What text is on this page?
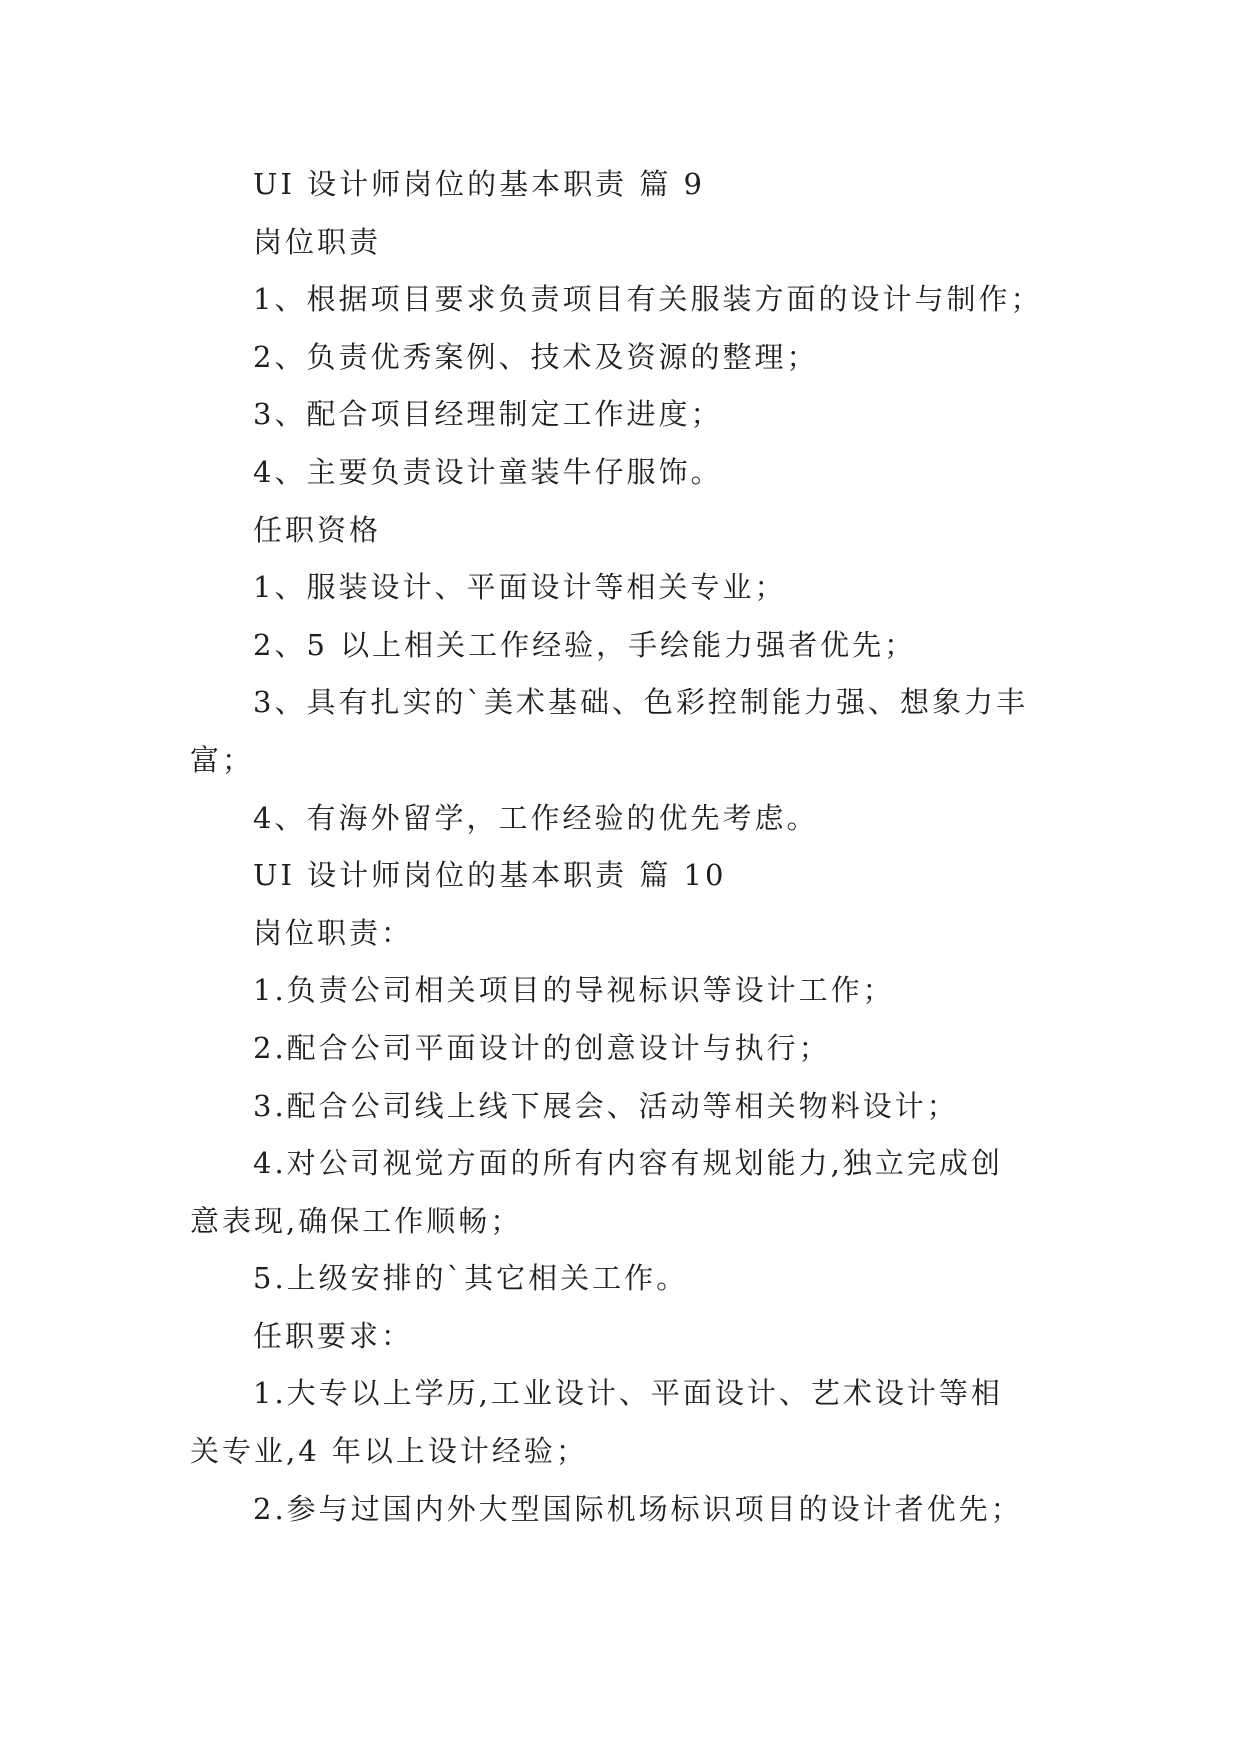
UI 设计师岗位的基本职责 篇 9
岗位职责
1、根据项目要求负责项目有关服装方面的设计与制作；
2、负责优秀案例、技术及资源的整理；
3、配合项目经理制定工作进度；
4、主要负责设计童装牛仔服饰。
任职资格
1、服装设计、平面设计等相关专业；
2、5 以上相关工作经验，手绘能力强者优先；
3、具有扎实的`美术基础、色彩控制能力强、想象力丰
富；
4、有海外留学，工作经验的优先考虑。
UI 设计师岗位的基本职责 篇 10
岗位职责：
1.负责公司相关项目的导视标识等设计工作；
2.配合公司平面设计的创意设计与执行；
3.配合公司线上线下展会、活动等相关物料设计；
4.对公司视觉方面的所有内容有规划能力,独立完成创
意表现,确保工作顺畅；
5.上级安排的`其它相关工作。
任职要求：
1.大专以上学历,工业设计、平面设计、艺术设计等相
关专业,4 年以上设计经验；
2.参与过国内外大型国际机场标识项目的设计者优先；
